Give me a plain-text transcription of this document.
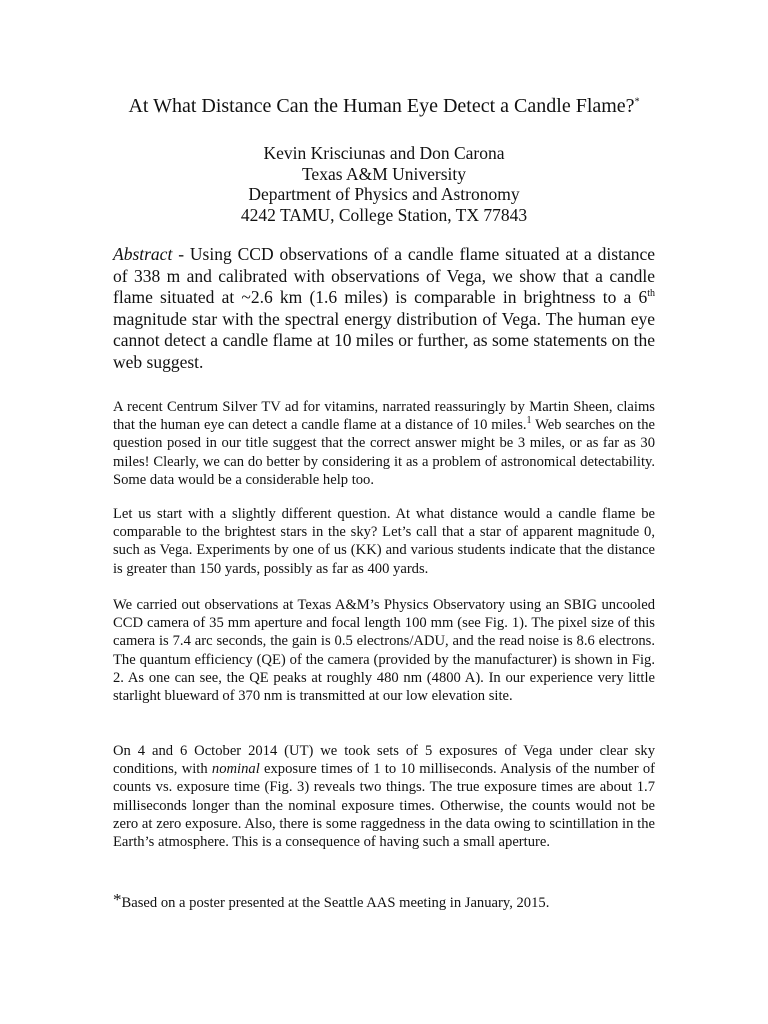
At What Distance Can the Human Eye Detect a Candle Flame?*
Kevin Krisciunas and Don Carona
Texas A&M University
Department of Physics and Astronomy
4242 TAMU, College Station, TX 77843
Abstract - Using CCD observations of a candle flame situated at a distance of 338 m and calibrated with observations of Vega, we show that a candle flame situated at ~2.6 km (1.6 miles) is comparable in brightness to a 6th magnitude star with the spectral energy distribution of Vega. The human eye cannot detect a candle flame at 10 miles or further, as some statements on the web suggest.
A recent Centrum Silver TV ad for vitamins, narrated reassuringly by Martin Sheen, claims that the human eye can detect a candle flame at a distance of 10 miles.$^1$ Web searches on the question posed in our title suggest that the correct answer might be 3 miles, or as far as 30 miles! Clearly, we can do better by considering it as a problem of astronomical detectability. Some data would be a considerable help too.
Let us start with a slightly different question. At what distance would a candle flame be comparable to the brightest stars in the sky? Let’s call that a star of apparent magnitude 0, such as Vega. Experiments by one of us (KK) and various students indicate that the distance is greater than 150 yards, possibly as far as 400 yards.
We carried out observations at Texas A&M’s Physics Observatory using an SBIG uncooled CCD camera of 35 mm aperture and focal length 100 mm (see Fig. 1). The pixel size of this camera is 7.4 arc seconds, the gain is 0.5 electrons/ADU, and the read noise is 8.6 electrons. The quantum efficiency (QE) of the camera (provided by the manufacturer) is shown in Fig. 2. As one can see, the QE peaks at roughly 480 nm (4800 A). In our experience very little starlight blueward of 370 nm is transmitted at our low elevation site.
On 4 and 6 October 2014 (UT) we took sets of 5 exposures of Vega under clear sky conditions, with nominal exposure times of 1 to 10 milliseconds. Analysis of the number of counts vs. exposure time (Fig. 3) reveals two things. The true exposure times are about 1.7 milliseconds longer than the nominal exposure times. Otherwise, the counts would not be zero at zero exposure. Also, there is some raggedness in the data owing to scintillation in the Earth’s atmosphere. This is a consequence of having such a small aperture.
*Based on a poster presented at the Seattle AAS meeting in January, 2015.
